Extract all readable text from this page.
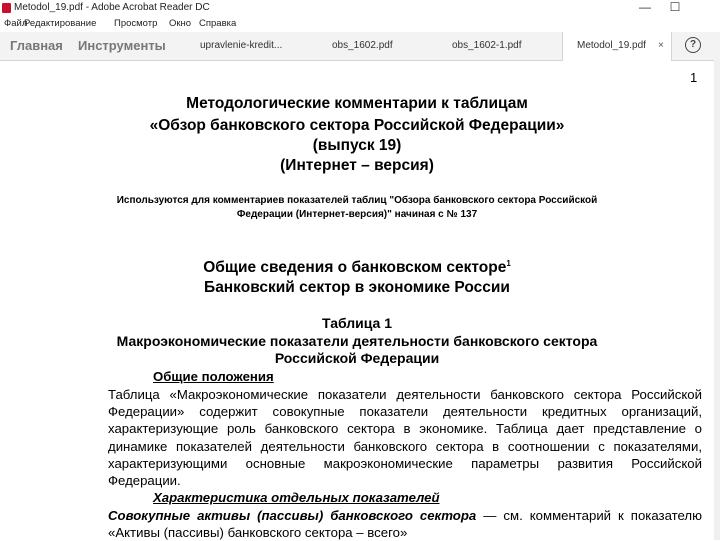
Metodol_19.pdf - Adobe Acrobat Reader DC	—	☐
Файл
Редактирование Просмотр Окно Справка
Главная Инструменты	upravlenie-kredit...	obs_1602.pdf	obs_1602-1.pdf	Metodol_19.pdf	×	?
1
Методологические комментарии к таблицам
«Обзор банковского сектора Российской Федерации»
(выпуск 19)
(Интернет – версия)
Используются для комментариев показателей таблиц "Обзора банковского сектора Российской
Федерации (Интернет-версия)" начиная с № 137
Общие сведения о банковском секторе$^1$
Банковский сектор в экономике России
Таблица 1
Макроэкономические показатели деятельности банковского сектора
Российской Федерации
Общие положения
Таблица «Макроэкономические показатели деятельности банковского сектора Российской Федерации» содержит совокупные показатели деятельности кредитных организаций, характеризующие роль банковского сектора в экономике. Таблица дает представление о динамике показателей деятельности банковского сектора в соотношении с показателями, характеризующими основные макроэкономические параметры развития Российской Федерации.
Характеристика отдельных показателей
Совокупные активы (пассивы) банковского сектора — см. комментарий к показателю «Активы (пассивы) банковского сектора – всего»
